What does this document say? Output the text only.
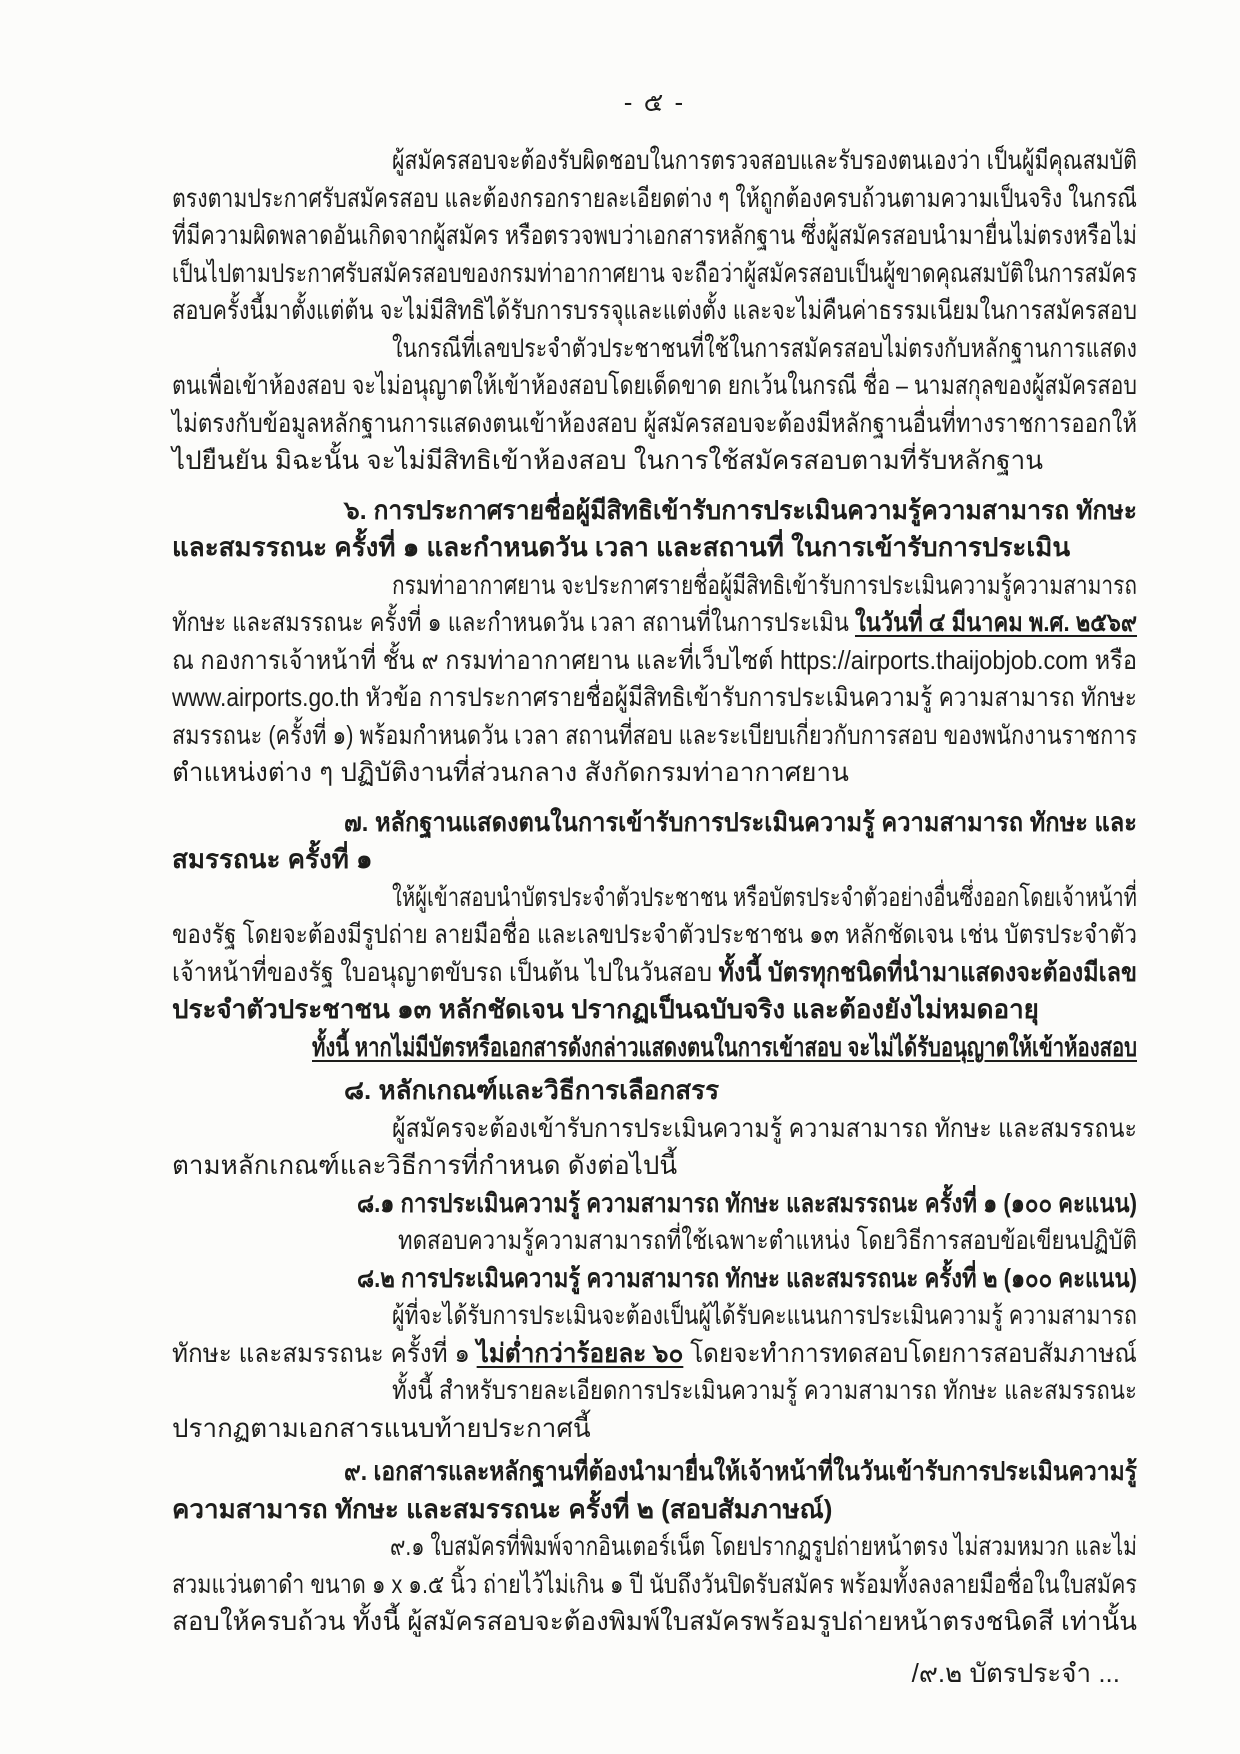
- ๕ -
ผู้สมัครสอบจะต้องรับผิดชอบในการตรวจสอบและรับรองตนเองว่า เป็นผู้มีคุณสมบัติ
ตรงตามประกาศรับสมัครสอบ และต้องกรอกรายละเอียดต่าง ๆ ให้ถูกต้องครบถ้วนตามความเป็นจริง ในกรณี
ที่มีความผิดพลาดอันเกิดจากผู้สมัคร หรือตรวจพบว่าเอกสารหลักฐาน ซึ่งผู้สมัครสอบนำมายื่นไม่ตรงหรือไม่
เป็นไปตามประกาศรับสมัครสอบของกรมท่าอากาศยาน จะถือว่าผู้สมัครสอบเป็นผู้ขาดคุณสมบัติในการสมัคร
สอบครั้งนี้มาตั้งแต่ต้น จะไม่มีสิทธิได้รับการบรรจุและแต่งตั้ง และจะไม่คืนค่าธรรมเนียมในการสมัครสอบ
ในกรณีที่เลขประจำตัวประชาชนที่ใช้ในการสมัครสอบไม่ตรงกับหลักฐานการแสดง
ตนเพื่อเข้าห้องสอบ จะไม่อนุญาตให้เข้าห้องสอบโดยเด็ดขาด ยกเว้นในกรณี ชื่อ – นามสกุลของผู้สมัครสอบ
ไม่ตรงกับข้อมูลหลักฐานการแสดงตนเข้าห้องสอบ ผู้สมัครสอบจะต้องมีหลักฐานอื่นที่ทางราชการออกให้
ไปยืนยัน มิฉะนั้น จะไม่มีสิทธิเข้าห้องสอบ ในการใช้สมัครสอบตามที่รับหลักฐาน
๖. การประกาศรายชื่อผู้มีสิทธิเข้ารับการประเมินความรู้ความสามารถ ทักษะ
และสมรรถนะ ครั้งที่ ๑ และกำหนดวัน เวลา และสถานที่ ในการเข้ารับการประเมิน
กรมท่าอากาศยาน จะประกาศรายชื่อผู้มีสิทธิเข้ารับการประเมินความรู้ความสามารถ
ทักษะ และสมรรถนะ ครั้งที่ ๑ และกำหนดวัน เวลา สถานที่ในการประเมิน ในวันที่ ๔ มีนาคม พ.ศ. ๒๕๖๙
ณ กองการเจ้าหน้าที่ ชั้น ๙ กรมท่าอากาศยาน และที่เว็บไซต์ https://airports.thaijobjob.com หรือ
www.airports.go.th หัวข้อ การประกาศรายชื่อผู้มีสิทธิเข้ารับการประเมินความรู้ ความสามารถ ทักษะ
สมรรถนะ (ครั้งที่ ๑) พร้อมกำหนดวัน เวลา สถานที่สอบ และระเบียบเกี่ยวกับการสอบ ของพนักงานราชการ
ตำแหน่งต่าง ๆ ปฏิบัติงานที่ส่วนกลาง สังกัดกรมท่าอากาศยาน
๗. หลักฐานแสดงตนในการเข้ารับการประเมินความรู้ ความสามารถ ทักษะ และ
สมรรถนะ ครั้งที่ ๑
ให้ผู้เข้าสอบนำบัตรประจำตัวประชาชน หรือบัตรประจำตัวอย่างอื่นซึ่งออกโดยเจ้าหน้าที่
ของรัฐ โดยจะต้องมีรูปถ่าย ลายมือชื่อ และเลขประจำตัวประชาชน ๑๓ หลักชัดเจน เช่น บัตรประจำตัว
เจ้าหน้าที่ของรัฐ ใบอนุญาตขับรถ เป็นต้น ไปในวันสอบ ทั้งนี้ บัตรทุกชนิดที่นำมาแสดงจะต้องมีเลข
ประจำตัวประชาชน ๑๓ หลักชัดเจน ปรากฏเป็นฉบับจริง และต้องยังไม่หมดอายุ
ทั้งนี้ หากไม่มีบัตรหรือเอกสารดังกล่าวแสดงตนในการเข้าสอบ จะไม่ได้รับอนุญาตให้เข้าห้องสอบ
๘. หลักเกณฑ์และวิธีการเลือกสรร
ผู้สมัครจะต้องเข้ารับการประเมินความรู้ ความสามารถ ทักษะ และสมรรถนะ
ตามหลักเกณฑ์และวิธีการที่กำหนด ดังต่อไปนี้
๘.๑ การประเมินความรู้ ความสามารถ ทักษะ และสมรรถนะ ครั้งที่ ๑ (๑๐๐ คะแนน)
ทดสอบความรู้ความสามารถที่ใช้เฉพาะตำแหน่ง โดยวิธีการสอบข้อเขียนปฏิบัติ
๘.๒ การประเมินความรู้ ความสามารถ ทักษะ และสมรรถนะ ครั้งที่ ๒ (๑๐๐ คะแนน)
ผู้ที่จะได้รับการประเมินจะต้องเป็นผู้ได้รับคะแนนการประเมินความรู้ ความสามารถ
ทักษะ และสมรรถนะ ครั้งที่ ๑ ไม่ต่ำกว่าร้อยละ ๖๐ โดยจะทำการทดสอบโดยการสอบสัมภาษณ์
ทั้งนี้ สำหรับรายละเอียดการประเมินความรู้ ความสามารถ ทักษะ และสมรรถนะ
ปรากฏตามเอกสารแนบท้ายประกาศนี้
๙. เอกสารและหลักฐานที่ต้องนำมายื่นให้เจ้าหน้าที่ในวันเข้ารับการประเมินความรู้
ความสามารถ ทักษะ และสมรรถนะ ครั้งที่ ๒ (สอบสัมภาษณ์)
๙.๑ ใบสมัครที่พิมพ์จากอินเตอร์เน็ต โดยปรากฏรูปถ่ายหน้าตรง ไม่สวมหมวก และไม่
สวมแว่นตาดำ ขนาด ๑ x ๑.๕ นิ้ว ถ่ายไว้ไม่เกิน ๑ ปี นับถึงวันปิดรับสมัคร พร้อมทั้งลงลายมือชื่อในใบสมัคร
สอบให้ครบถ้วน ทั้งนี้ ผู้สมัครสอบจะต้องพิมพ์ใบสมัครพร้อมรูปถ่ายหน้าตรงชนิดสี เท่านั้น
/๙.๒ บัตรประจำ ...
